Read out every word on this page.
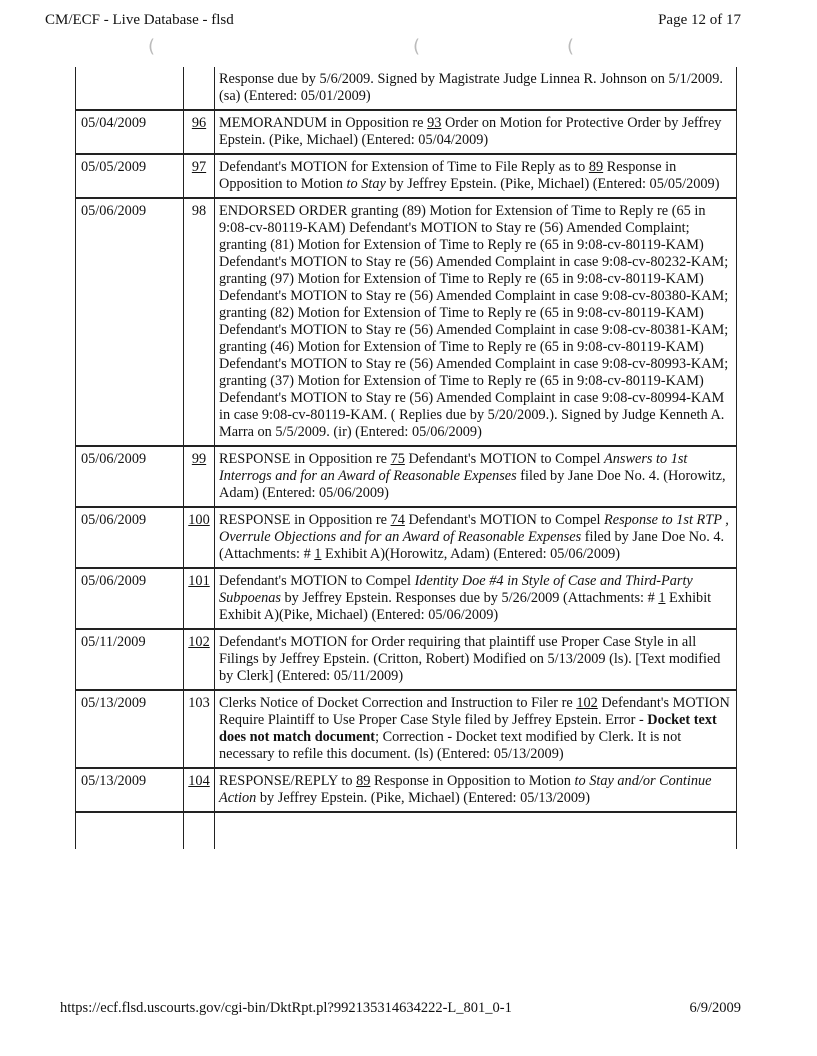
CM/ECF - Live Database - flsd	Page 12 of 17
(	(	(
		Response due by 5/6/2009. Signed by Magistrate Judge Linnea R. Johnson on 5/1/2009. (sa) (Entered: 05/01/2009)
05/04/2009	96	MEMORANDUM in Opposition re 93 Order on Motion for Protective Order by Jeffrey Epstein. (Pike, Michael) (Entered: 05/04/2009)
05/05/2009	97	Defendant's MOTION for Extension of Time to File Reply as to 89 Response in Opposition to Motion to Stay by Jeffrey Epstein. (Pike, Michael) (Entered: 05/05/2009)
05/06/2009	98	ENDORSED ORDER granting (89) Motion for Extension of Time to Reply re (65 in 9:08-cv-80119-KAM) Defendant's MOTION to Stay re (56) Amended Complaint; granting (81) Motion for Extension of Time to Reply re (65 in 9:08-cv-80119-KAM) Defendant's MOTION to Stay re (56) Amended Complaint in case 9:08-cv-80232-KAM; granting (97) Motion for Extension of Time to Reply re (65 in 9:08-cv-80119-KAM) Defendant's MOTION to Stay re (56) Amended Complaint in case 9:08-cv-80380-KAM; granting (82) Motion for Extension of Time to Reply re (65 in 9:08-cv-80119-KAM) Defendant's MOTION to Stay re (56) Amended Complaint in case 9:08-cv-80381-KAM; granting (46) Motion for Extension of Time to Reply re (65 in 9:08-cv-80119-KAM) Defendant's MOTION to Stay re (56) Amended Complaint in case 9:08-cv-80993-KAM; granting (37) Motion for Extension of Time to Reply re (65 in 9:08-cv-80119-KAM) Defendant's MOTION to Stay re (56) Amended Complaint in case 9:08-cv-80994-KAM in case 9:08-cv-80119-KAM. ( Replies due by 5/20/2009.). Signed by Judge Kenneth A. Marra on 5/5/2009. (ir) (Entered: 05/06/2009)
05/06/2009	99	RESPONSE in Opposition re 75 Defendant's MOTION to Compel Answers to 1st Interrogs and for an Award of Reasonable Expenses filed by Jane Doe No. 4. (Horowitz, Adam) (Entered: 05/06/2009)
05/06/2009	100	RESPONSE in Opposition re 74 Defendant's MOTION to Compel Response to 1st RTP , Overrule Objections and for an Award of Reasonable Expenses filed by Jane Doe No. 4. (Attachments: # 1 Exhibit A)(Horowitz, Adam) (Entered: 05/06/2009)
05/06/2009	101	Defendant's MOTION to Compel Identity Doe #4 in Style of Case and Third-Party Subpoenas by Jeffrey Epstein. Responses due by 5/26/2009 (Attachments: # 1 Exhibit Exhibit A)(Pike, Michael) (Entered: 05/06/2009)
05/11/2009	102	Defendant's MOTION for Order requiring that plaintiff use Proper Case Style in all Filings by Jeffrey Epstein. (Critton, Robert) Modified on 5/13/2009 (ls). [Text modified by Clerk] (Entered: 05/11/2009)
05/13/2009	103	Clerks Notice of Docket Correction and Instruction to Filer re 102 Defendant's MOTION Require Plaintiff to Use Proper Case Style filed by Jeffrey Epstein. Error - Docket text does not match document; Correction - Docket text modified by Clerk. It is not necessary to refile this document. (ls) (Entered: 05/13/2009)
05/13/2009	104	RESPONSE/REPLY to 89 Response in Opposition to Motion to Stay and/or Continue Action by Jeffrey Epstein. (Pike, Michael) (Entered: 05/13/2009)

https://ecf.flsd.uscourts.gov/cgi-bin/DktRpt.pl?992135314634222-L_801_0-1	6/9/2009
